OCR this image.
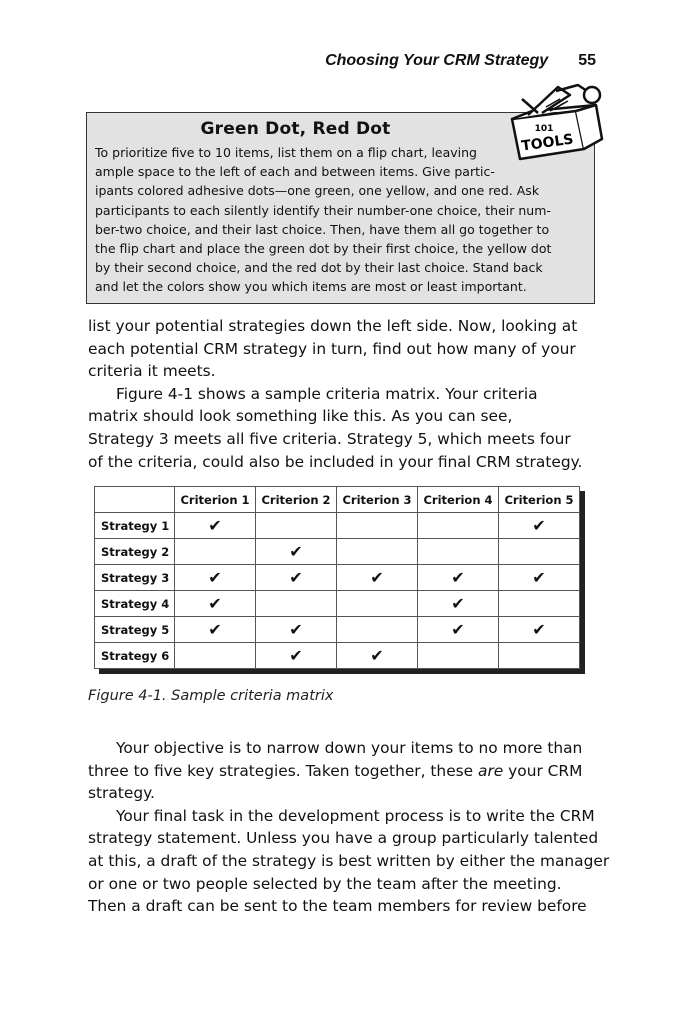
Choosing Your CRM Strategy 55
101
TOOLS
Green Dot, Red Dot
To prioritize five to 10 items, list them on a flip chart, leaving
ample space to the left of each and between items. Give partic-
ipants colored adhesive dots—one green, one yellow, and one red. Ask
participants to each silently identify their number-one choice, their num-
ber-two choice, and their last choice. Then, have them all go together to
the flip chart and place the green dot by their first choice, the yellow dot
by their second choice, and the red dot by their last choice. Stand back
and let the colors show you which items are most or least important.
list your potential strategies down the left side. Now, looking at
each potential CRM strategy in turn, find out how many of your
criteria it meets.
Figure 4-1 shows a sample criteria matrix. Your criteria
matrix should look something like this. As you can see,
Strategy 3 meets all five criteria. Strategy 5, which meets four
of the criteria, could also be included in your final CRM strategy.
	Criterion 1	Criterion 2	Criterion 3	Criterion 4	Criterion 5
Strategy 1	✔				✔
Strategy 2		✔			
Strategy 3	✔	✔	✔	✔	✔
Strategy 4	✔			✔	
Strategy 5	✔	✔		✔	✔
Strategy 6		✔	✔		
Figure 4-1. Sample criteria matrix
Your objective is to narrow down your items to no more than
three to five key strategies. Taken together, these are your CRM
strategy.
Your final task in the development process is to write the CRM
strategy statement. Unless you have a group particularly talented
at this, a draft of the strategy is best written by either the manager
or one or two people selected by the team after the meeting.
Then a draft can be sent to the team members for review before
